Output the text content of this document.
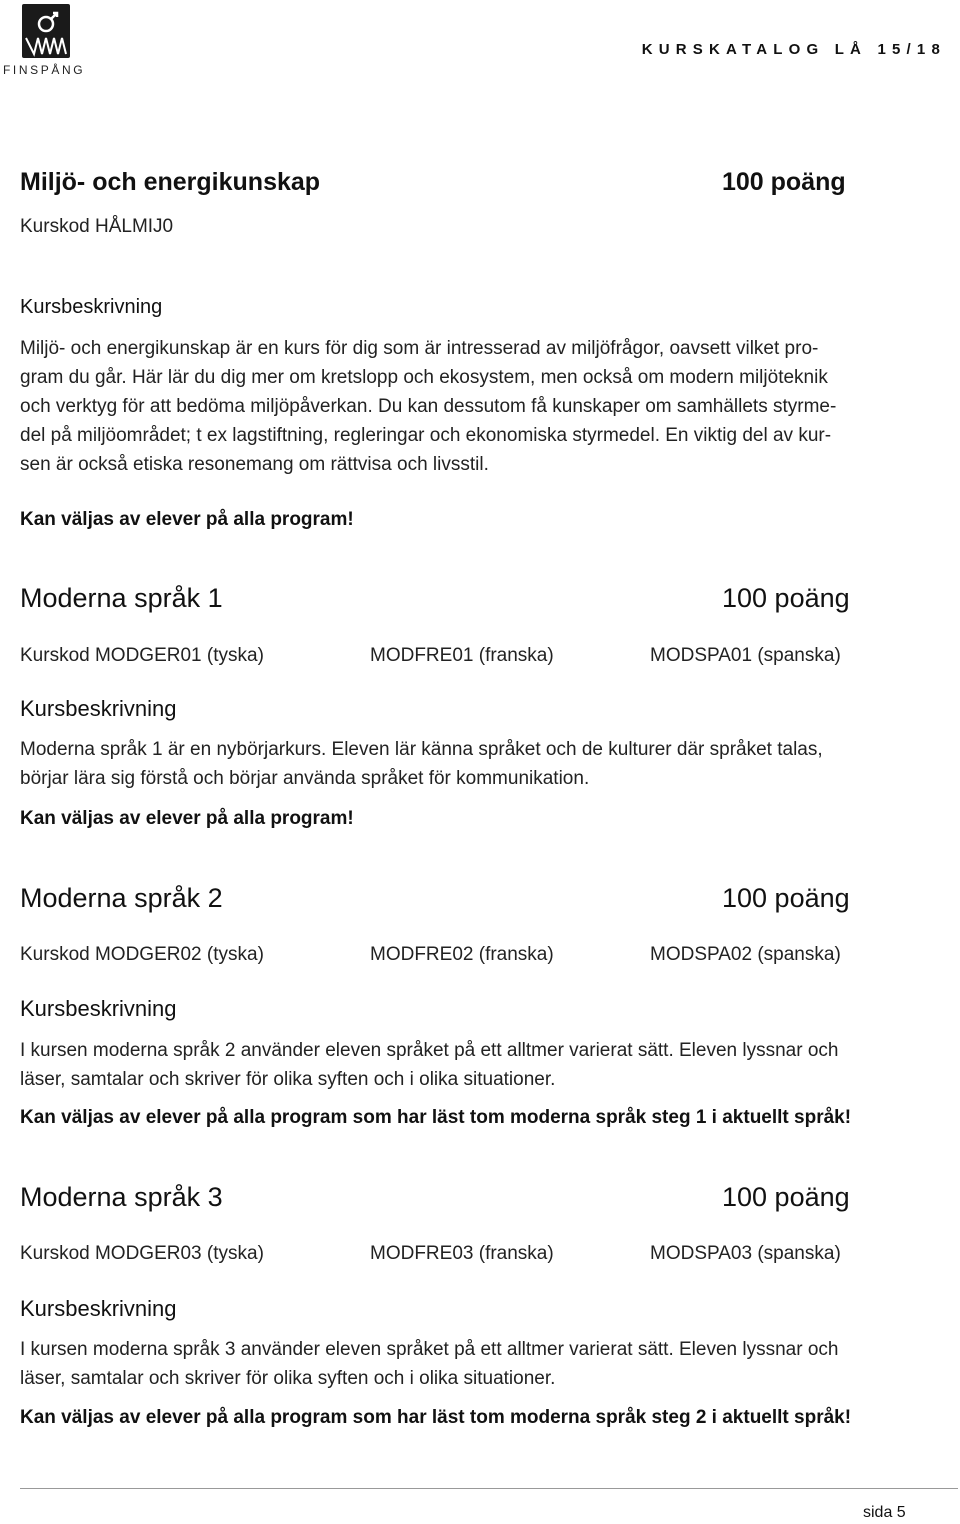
FINSPÅNG
KURSKATALOG LÅ 15/18
Miljö- och energikunskap	100 poäng
Kurskod HÅLMIJ0
Kursbeskrivning
Miljö- och energikunskap är en kurs för dig som är intresserad av miljöfrågor, oavsett vilket pro-
gram du går. Här lär du dig mer om kretslopp och ekosystem, men också om modern miljöteknik
och verktyg för att bedöma miljöpåverkan. Du kan dessutom få kunskaper om samhällets styrme-
del på miljöområdet; t ex lagstiftning, regleringar och ekonomiska styrmedel. En viktig del av kur-
sen är också etiska resonemang om rättvisa och livsstil.
Kan väljas av elever på alla program!
Moderna språk 1	100 poäng
Kurskod MODGER01 (tyska)	MODFRE01 (franska)	MODSPA01 (spanska)
Kursbeskrivning
Moderna språk 1 är en nybörjarkurs. Eleven lär känna språket och de kulturer där språket talas,
börjar lära sig förstå och börjar använda språket för kommunikation.
Kan väljas av elever på alla program!
Moderna språk 2	100 poäng
Kurskod MODGER02 (tyska)	MODFRE02 (franska)	MODSPA02 (spanska)
Kursbeskrivning
I kursen moderna språk 2 använder eleven språket på ett alltmer varierat sätt. Eleven lyssnar och
läser, samtalar och skriver för olika syften och i olika situationer.
Kan väljas av elever på alla program som har läst tom moderna språk steg 1 i aktuellt språk!
Moderna språk 3	100 poäng
Kurskod MODGER03 (tyska)	MODFRE03 (franska)	MODSPA03 (spanska)
Kursbeskrivning
I kursen moderna språk 3 använder eleven språket på ett alltmer varierat sätt. Eleven lyssnar och
läser, samtalar och skriver för olika syften och i olika situationer.
Kan väljas av elever på alla program som har läst tom moderna språk steg 2 i aktuellt språk!
sida 5
